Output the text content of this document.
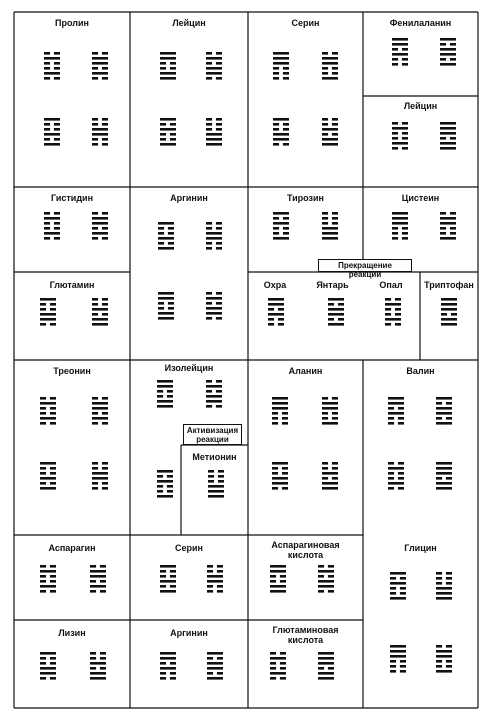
Пролин	Лейцин	Серин	Фенилаланин
Лейцин
Гистидин	Аргинин	Тирозин	Цистеин
Глютамин	Охра	Янтарь	Опал	Триптофан
Треонин	Изолейцин
Метионин
Аланин	Валин
Аспарагин	Серин	Аспарагиновая кислота
Глицин
Лизин	Аргинин	Глютаминовая кислота
Прекращение реакции
Активизация реакции
